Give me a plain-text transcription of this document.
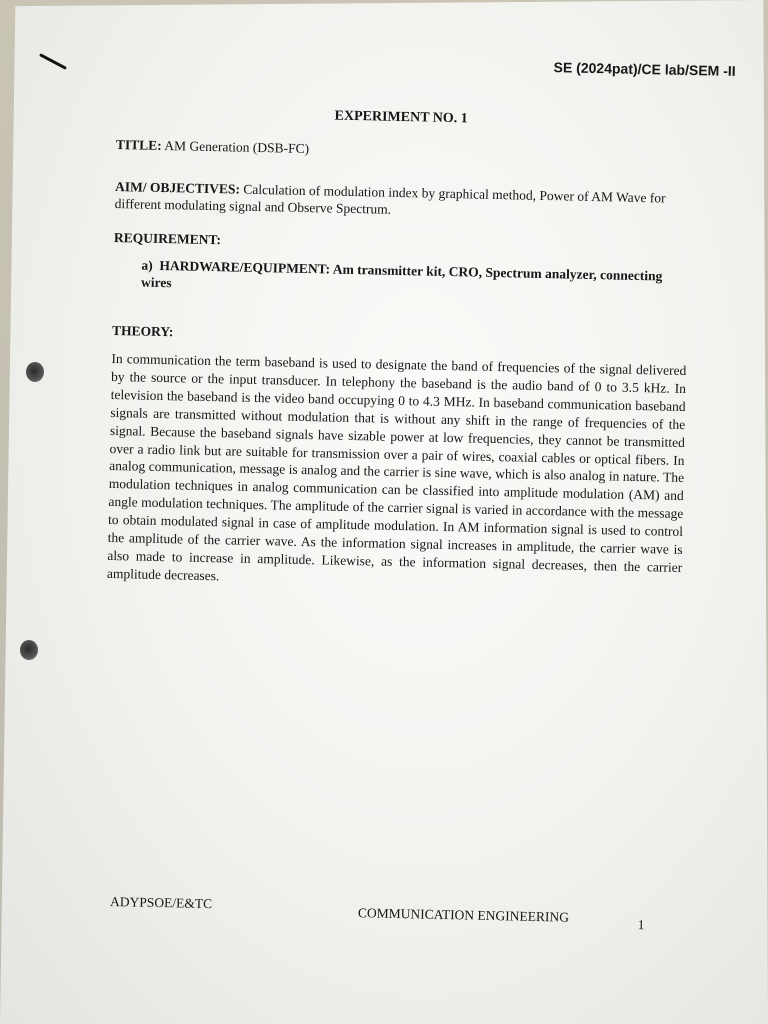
SE (2024pat)/CE lab/SEM -II
EXPERIMENT NO. 1
TITLE: AM Generation (DSB-FC)
AIM/ OBJECTIVES: Calculation of modulation index by graphical method, Power of AM Wave for different modulating signal and Observe Spectrum.
REQUIREMENT:
a) HARDWARE/EQUIPMENT: Am transmitter kit, CRO, Spectrum analyzer, connecting wires
THEORY:
In communication the term baseband is used to designate the band of frequencies of the signal delivered by the source or the input transducer. In telephony the baseband is the audio band of 0 to 3.5 kHz. In television the baseband is the video band occupying 0 to 4.3 MHz. In baseband communication baseband signals are transmitted without modulation that is without any shift in the range of frequencies of the signal. Because the baseband signals have sizable power at low frequencies, they cannot be transmitted over a radio link but are suitable for transmission over a pair of wires, coaxial cables or optical fibers. In analog communication, message is analog and the carrier is sine wave, which is also analog in nature. The modulation techniques in analog communication can be classified into amplitude modulation (AM) and angle modulation techniques. The amplitude of the carrier signal is varied in accordance with the message to obtain modulated signal in case of amplitude modulation. In AM information signal is used to control the amplitude of the carrier wave. As the information signal increases in amplitude, the carrier wave is also made to increase in amplitude. Likewise, as the information signal decreases, then the carrier amplitude decreases.
ADYPSOE/E&TC
COMMUNICATION ENGINEERING
1
